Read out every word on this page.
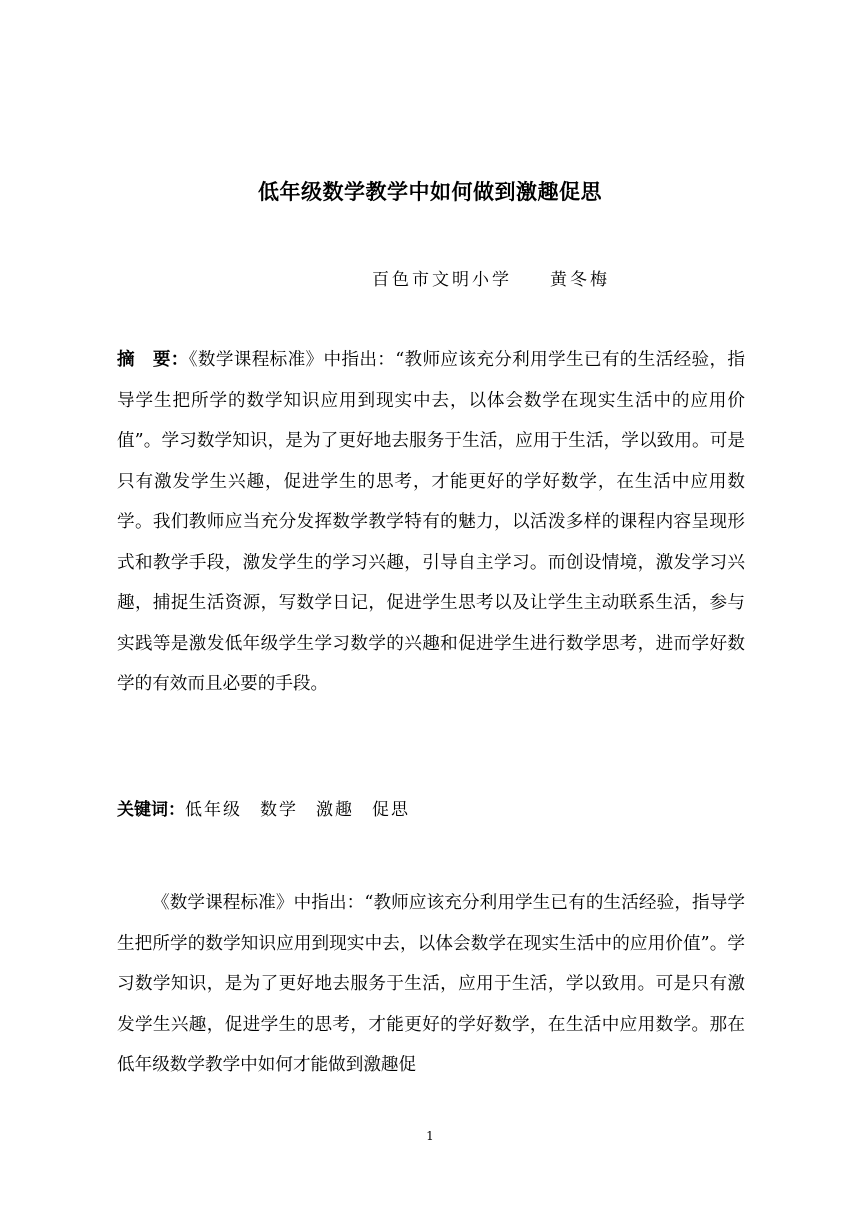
低年级数学教学中如何做到激趣促思
百色市文明小学 黄冬梅

摘　要：《数学课程标准》中指出：“教师应该充分利用学生已有的生活经验，指导学生把所学的数学知识应用到现实中去，以体会数学在现实生活中的应用价值”。学习数学知识，是为了更好地去服务于生活，应用于生活，学以致用。可是只有激发学生兴趣，促进学生的思考，才能更好的学好数学，在生活中应用数学。我们教师应当充分发挥数学教学特有的魅力，以活泼多样的课程内容呈现形式和教学手段，激发学生的学习兴趣，引导自主学习。而创设情境，激发学习兴趣，捕捉生活资源，写数学日记，促进学生思考以及让学生主动联系生活，参与实践等是激发低年级学生学习数学的兴趣和促进学生进行数学思考，进而学好数学的有效而且必要的手段。

关键词：低年级 数学 激趣 促思

《数学课程标准》中指出：“教师应该充分利用学生已有的生活经验，指导学生把所学的数学知识应用到现实中去，以体会数学在现实生活中的应用价值”。学习数学知识，是为了更好地去服务于生活，应用于生活，学以致用。可是只有激发学生兴趣，促进学生的思考，才能更好的学好数学，在生活中应用数学。那在低年级数学教学中如何才能做到激趣促

1
